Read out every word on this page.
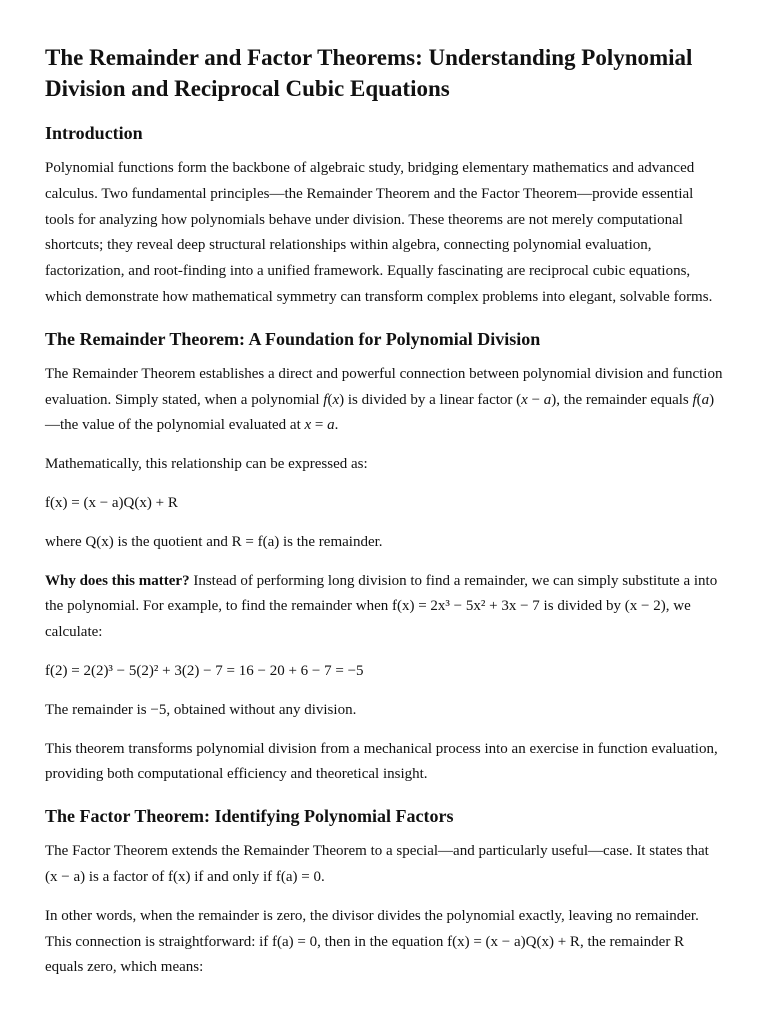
The Remainder and Factor Theorems: Understanding Polynomial Division and Reciprocal Cubic Equations
Introduction

Polynomial functions form the backbone of algebraic study, bridging elementary mathematics and advanced calculus. Two fundamental principles—the Remainder Theorem and the Factor Theorem—provide essential tools for analyzing how polynomials behave under division. These theorems are not merely computational shortcuts; they reveal deep structural relationships within algebra, connecting polynomial evaluation, factorization, and root-finding into a unified framework. Equally fascinating are reciprocal cubic equations, which demonstrate how mathematical symmetry can transform complex problems into elegant, solvable forms.

The Remainder Theorem: A Foundation for Polynomial Division

The Remainder Theorem establishes a direct and powerful connection between polynomial division and function evaluation. Simply stated, when a polynomial f(x) is divided by a linear factor (x − a), the remainder equals f(a)—the value of the polynomial evaluated at x = a.

Mathematically, this relationship can be expressed as:

f(x) = (x − a)Q(x) + R

where Q(x) is the quotient and R = f(a) is the remainder.

Why does this matter? Instead of performing long division to find a remainder, we can simply substitute a into the polynomial. For example, to find the remainder when f(x) = 2x³ − 5x² + 3x − 7 is divided by (x − 2), we calculate:

f(2) = 2(2)³ − 5(2)² + 3(2) − 7 = 16 − 20 + 6 − 7 = −5

The remainder is −5, obtained without any division.

This theorem transforms polynomial division from a mechanical process into an exercise in function evaluation, providing both computational efficiency and theoretical insight.

The Factor Theorem: Identifying Polynomial Factors

The Factor Theorem extends the Remainder Theorem to a special—and particularly useful—case. It states that (x − a) is a factor of f(x) if and only if f(a) = 0.

In other words, when the remainder is zero, the divisor divides the polynomial exactly, leaving no remainder. This connection is straightforward: if f(a) = 0, then in the equation f(x) = (x − a)Q(x) + R, the remainder R equals zero, which means:
